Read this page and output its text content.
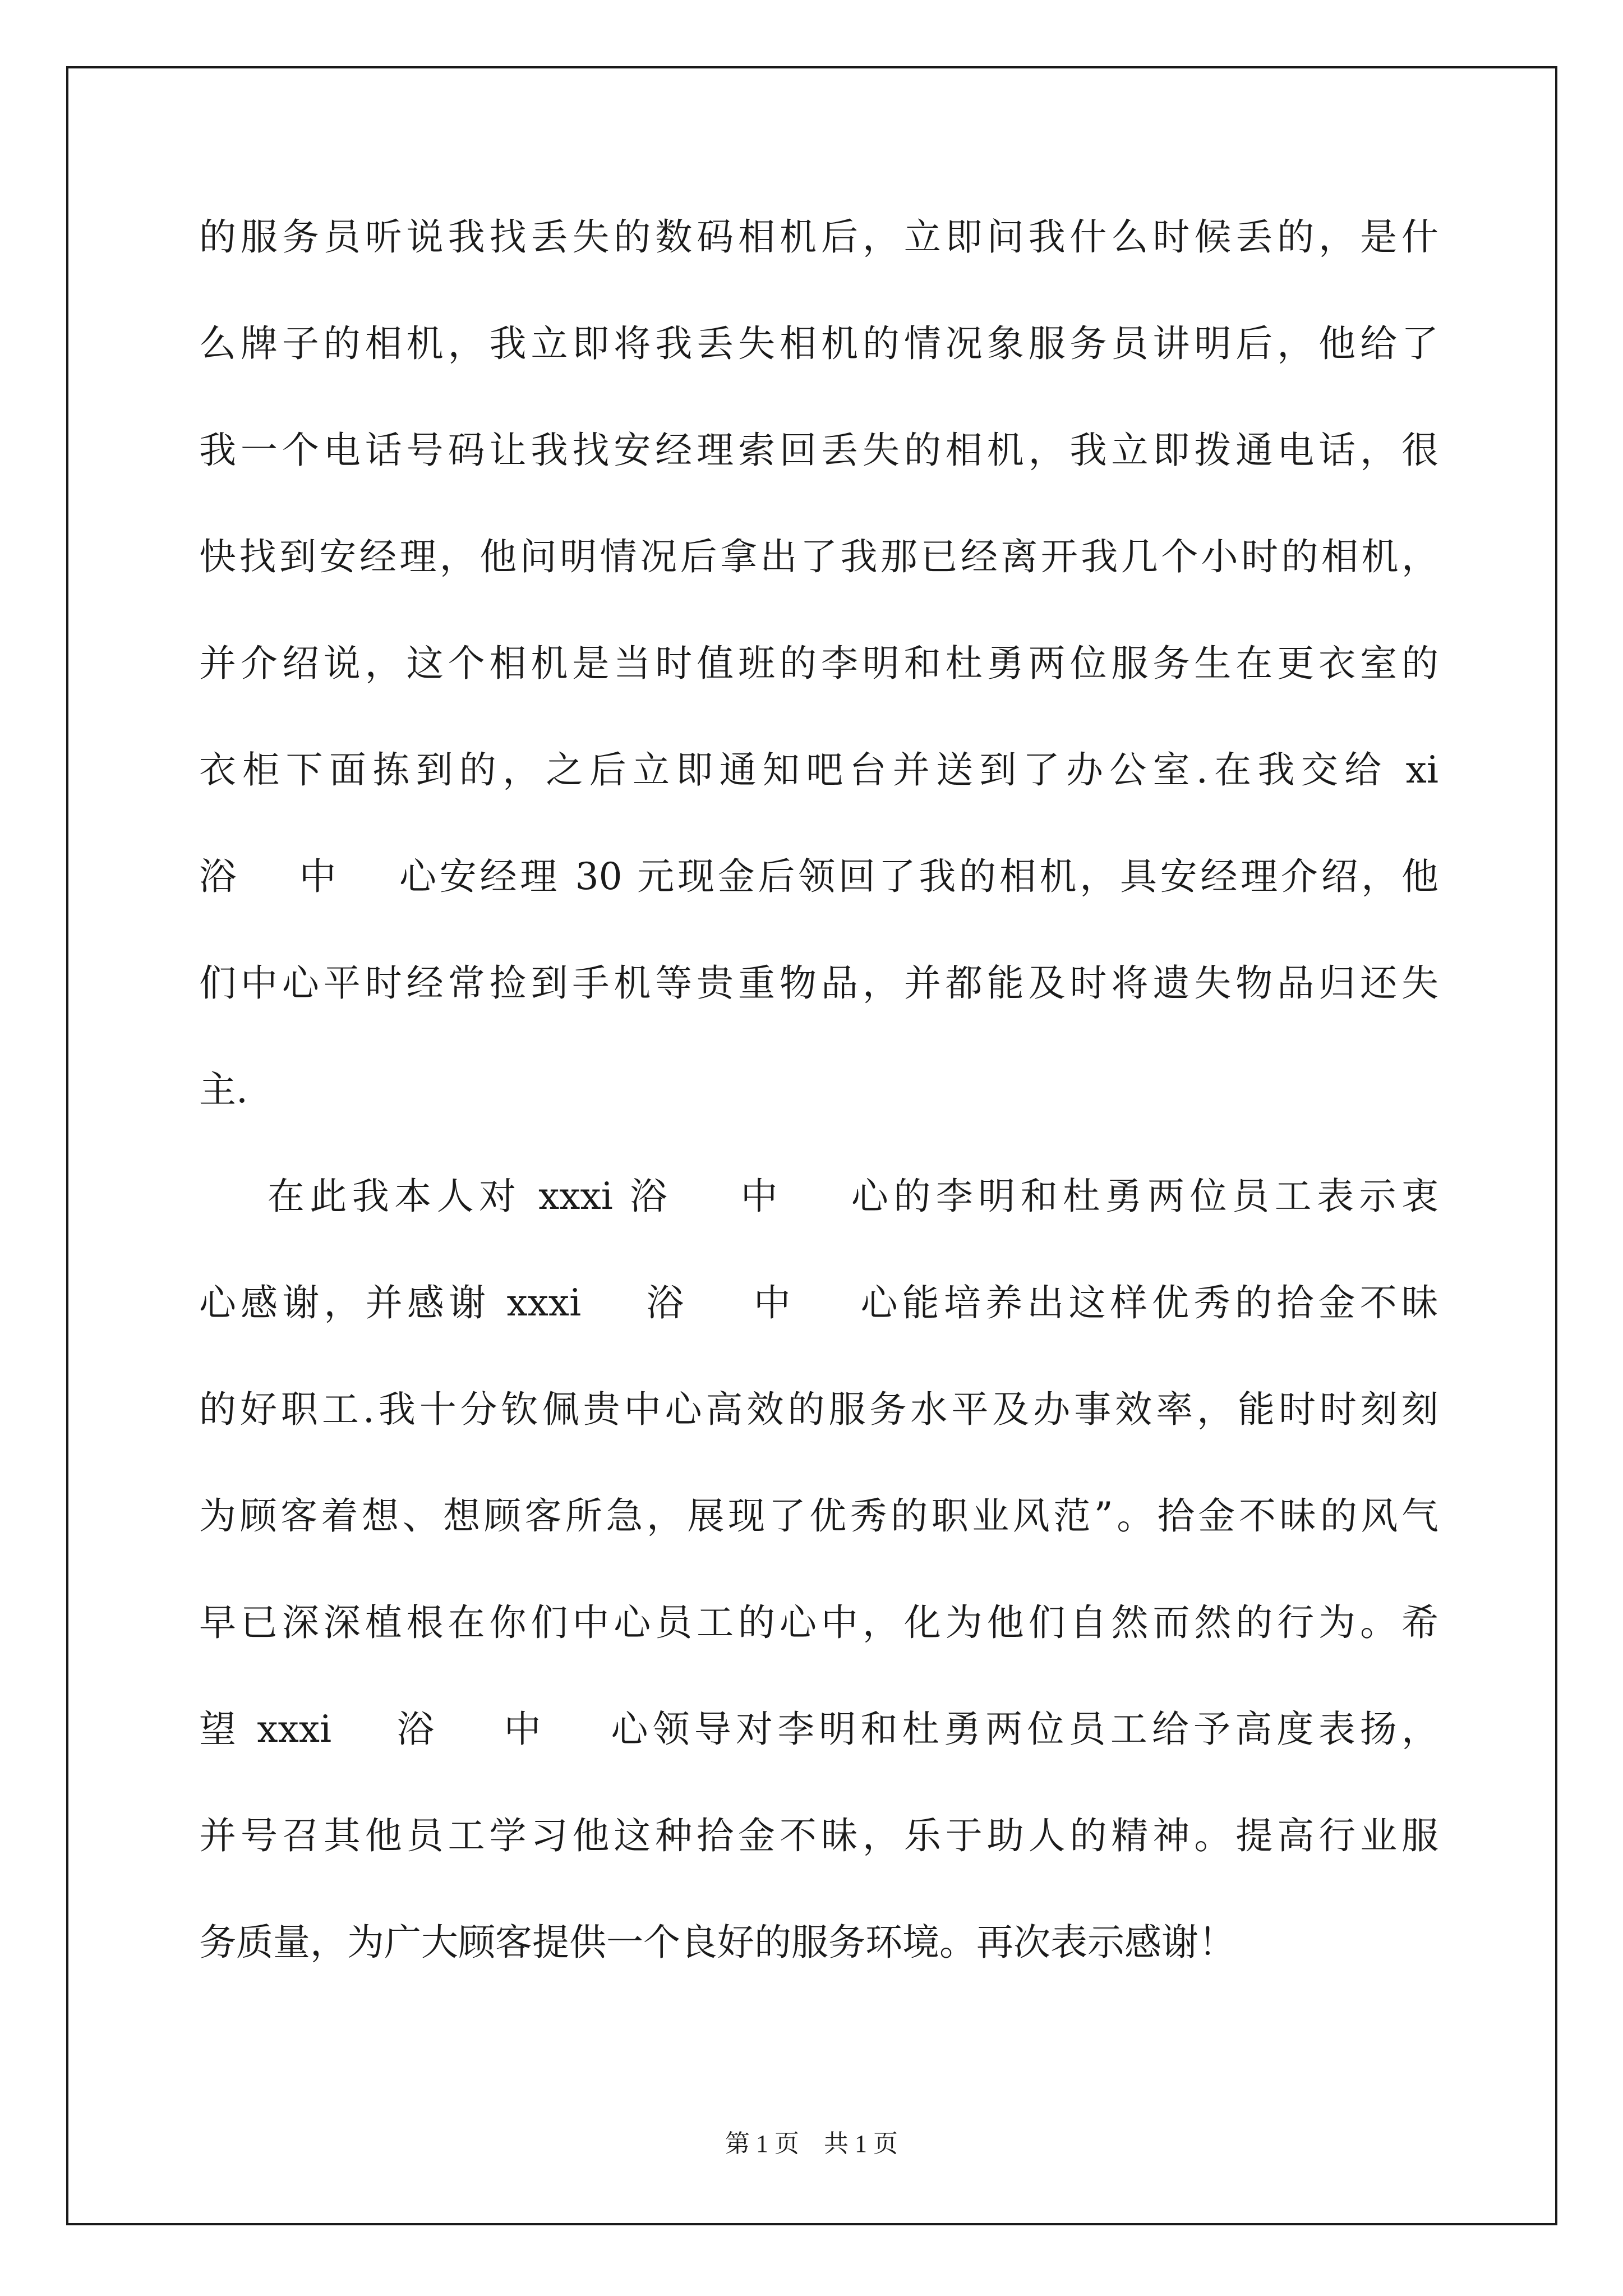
的服务员听说我找丢失的数码相机后，立即问我什么时候丢的，是什
么牌子的相机，我立即将我丢失相机的情况象服务员讲明后，他给了
我一个电话号码让我找安经理索回丢失的相机，我立即拨通电话，很
快找到安经理，他问明情况后拿出了我那已经离开我几个小时的相机，
并介绍说，这个相机是当时值班的李明和杜勇两位服务生在更衣室的
衣柜下面拣到的，之后立即通知吧台并送到了办公室.在我交给 xi
浴    中    心安经理 30 元现金后领回了我的相机，具安经理介绍，他
们中心平时经常捡到手机等贵重物品，并都能及时将遗失物品归还失
主.
在此我本人对 xxxi 浴    中    心的李明和杜勇两位员工表示衷
心感谢，并感谢 xxxi    浴    中    心能培养出这样优秀的拾金不昧
的好职工.我十分钦佩贵中心高效的服务水平及办事效率，能时时刻刻
为顾客着想、想顾客所急，展现了优秀的职业风范”。拾金不昧的风气
早已深深植根在你们中心员工的心中，化为他们自然而然的行为。希
望 xxxi    浴    中    心领导对李明和杜勇两位员工给予高度表扬，
并号召其他员工学习他这种拾金不昧，乐于助人的精神。提高行业服
务质量，为广大顾客提供一个良好的服务环境。再次表示感谢！
第 1 页    共 1 页
